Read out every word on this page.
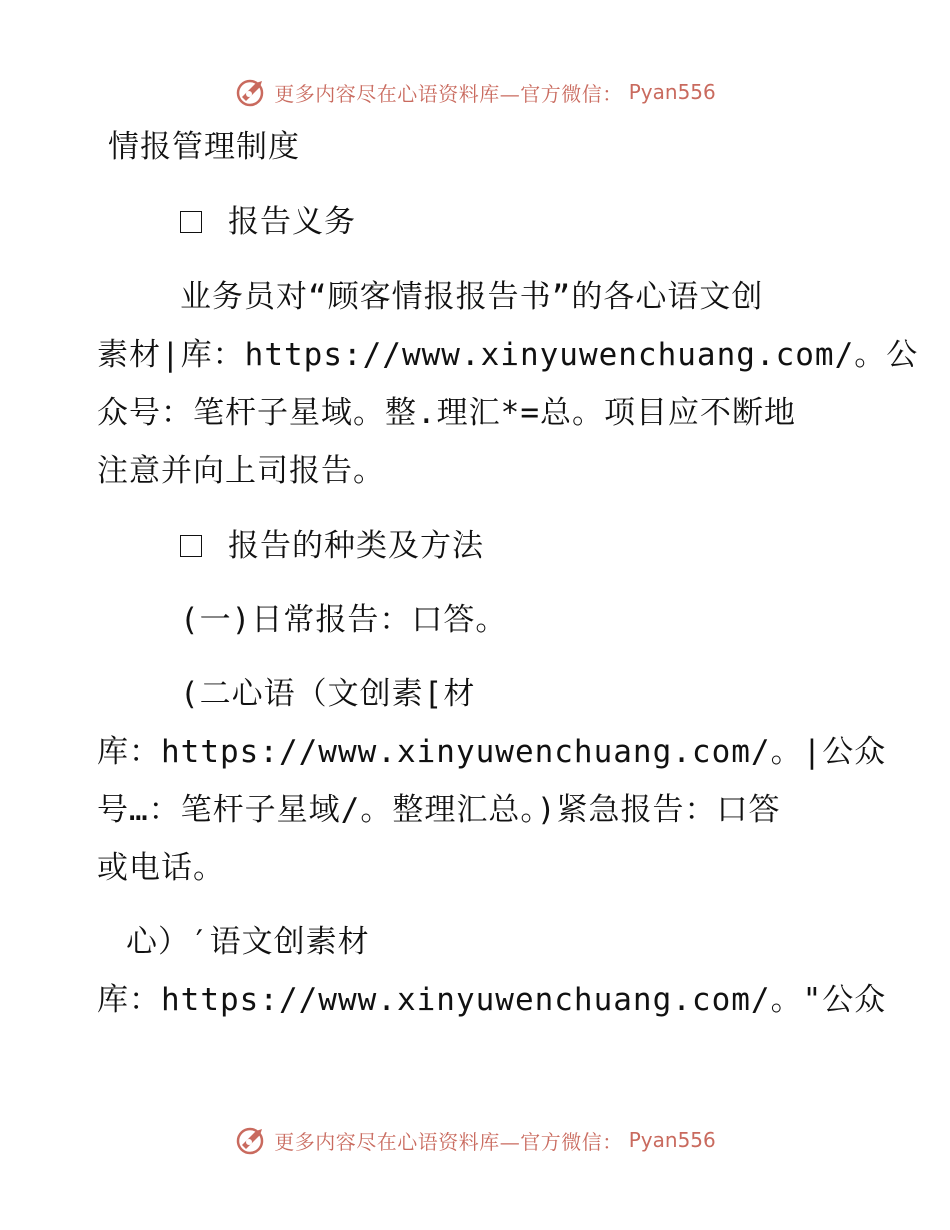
更多内容尽在心语资料库—官方微信： Pyan556
情报管理制度
报告义务
业务员对“顾客情报报告书”的各心语文创
素材|库：https://www.xinyuwenchuang.com/。公
众号：笔杆子星域。整.理汇*=总。项目应不断地
注意并向上司报告。
报告的种类及方法
(一)日常报告：口答。
(二心语（文创素[材
库：https://www.xinyuwenchuang.com/。|公众
号…：笔杆子星域/。整理汇总。)紧急报告：口答
或电话。
心）′语文创素材
库：https://www.xinyuwenchuang.com/。"公众
更多内容尽在心语资料库—官方微信： Pyan556
